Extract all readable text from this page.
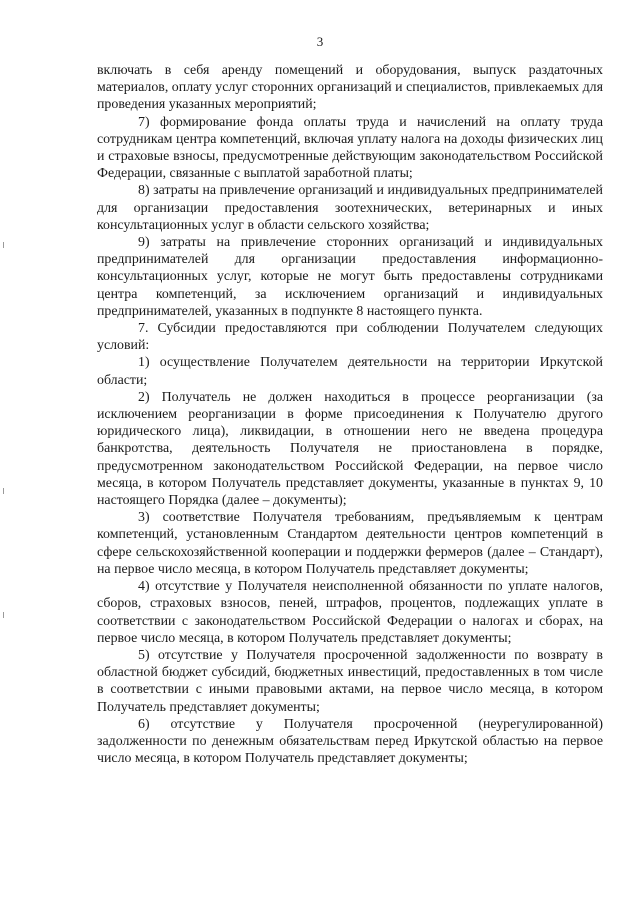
3

включать в себя аренду помещений и оборудования, выпуск раздаточных материалов, оплату услуг сторонних организаций и специалистов, привлекаемых для проведения указанных мероприятий;

7) формирование фонда оплаты труда и начислений на оплату труда сотрудникам центра компетенций, включая уплату налога на доходы физических лиц и страховые взносы, предусмотренные действующим законодательством Российской Федерации, связанные с выплатой заработной платы;

8) затраты на привлечение организаций и индивидуальных предпринимателей для организации предоставления зоотехнических, ветеринарных и иных консультационных услуг в области сельского хозяйства;

9) затраты на привлечение сторонних организаций и индивидуальных предпринимателей для организации предоставления информационно-консультационных услуг, которые не могут быть предоставлены сотрудниками центра компетенций, за исключением организаций и индивидуальных предпринимателей, указанных в подпункте 8 настоящего пункта.

7. Субсидии предоставляются при соблюдении Получателем следующих условий:

1) осуществление Получателем деятельности на территории Иркутской области;

2) Получатель не должен находиться в процессе реорганизации (за исключением реорганизации в форме присоединения к Получателю другого юридического лица), ликвидации, в отношении него не введена процедура банкротства, деятельность Получателя не приостановлена в порядке, предусмотренном законодательством Российской Федерации, на первое число месяца, в котором Получатель представляет документы, указанные в пунктах 9, 10 настоящего Порядка (далее – документы);

3) соответствие Получателя требованиям, предъявляемым к центрам компетенций, установленным Стандартом деятельности центров компетенций в сфере сельскохозяйственной кооперации и поддержки фермеров (далее – Стандарт), на первое число месяца, в котором Получатель представляет документы;

4) отсутствие у Получателя неисполненной обязанности по уплате налогов, сборов, страховых взносов, пеней, штрафов, процентов, подлежащих уплате в соответствии с законодательством Российской Федерации о налогах и сборах, на первое число месяца, в котором Получатель представляет документы;

5) отсутствие у Получателя просроченной задолженности по возврату в областной бюджет субсидий, бюджетных инвестиций, предоставленных в том числе в соответствии с иными правовыми актами, на первое число месяца, в котором Получатель представляет документы;

6) отсутствие у Получателя просроченной (неурегулированной) задолженности по денежным обязательствам перед Иркутской областью на первое число месяца, в котором Получатель представляет документы;
